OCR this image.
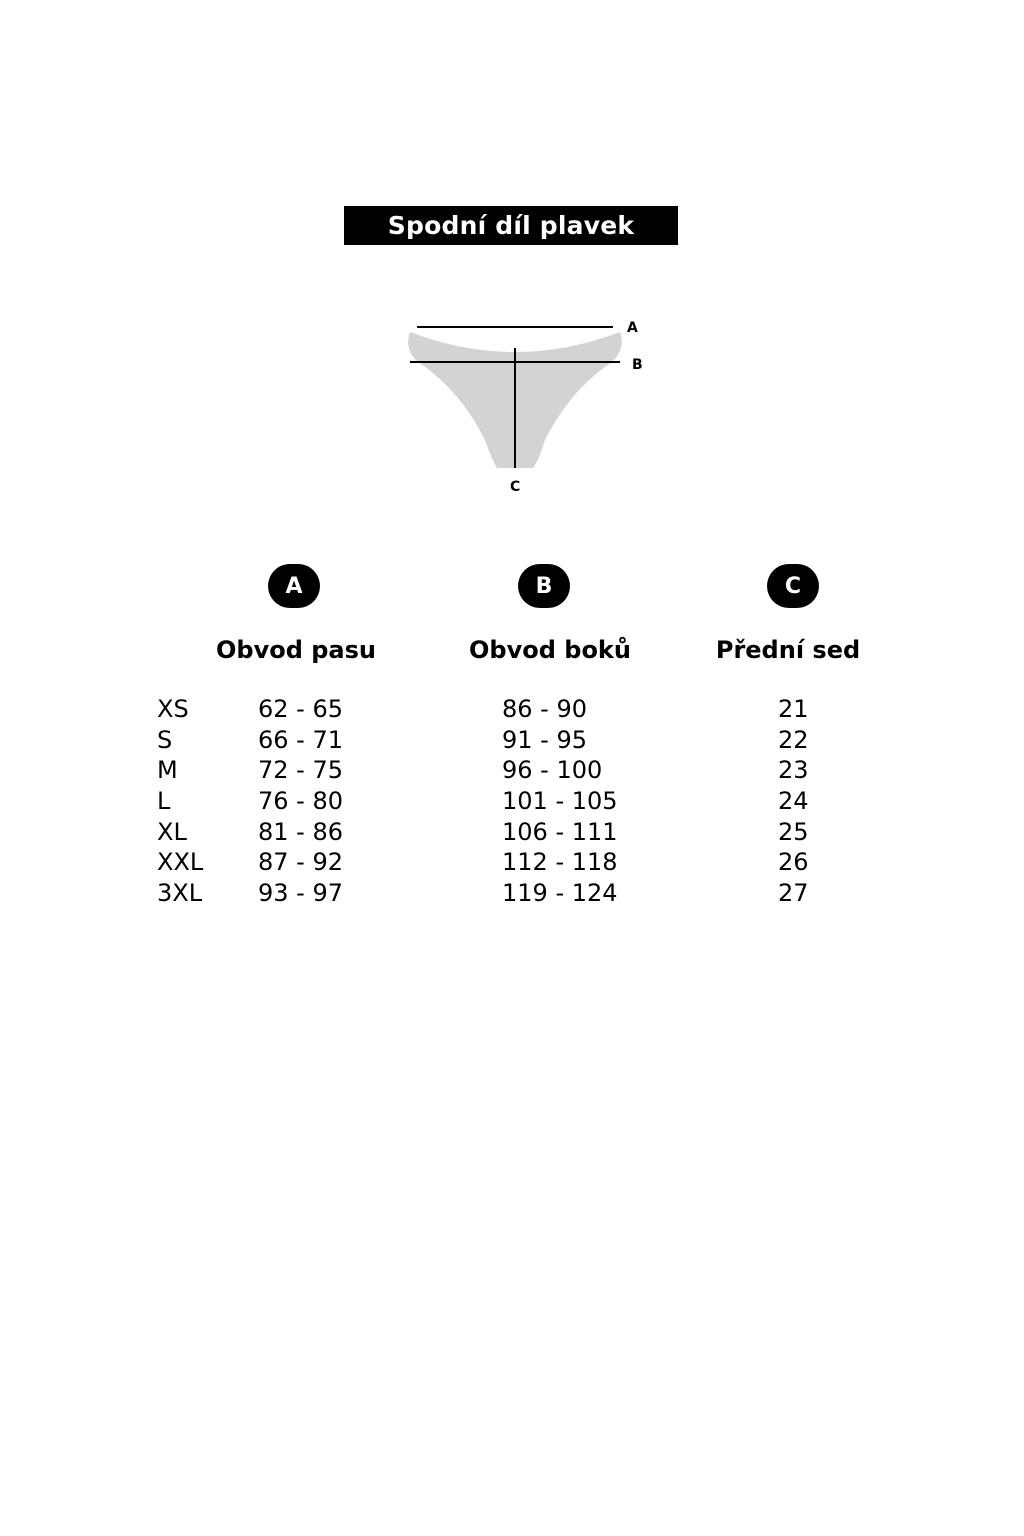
Spodní díl plavek
A
B
C
A	B	C
Obvod pasu	Obvod boků	Přední sed
XS	62 - 65	86 - 90	21
S	66 - 71	91 - 95	22
M	72 - 75	96 - 100	23
L	76 - 80	101 - 105	24
XL	81 - 86	106 - 111	25
XXL 87 - 92	112 - 118	26
3XL 93 - 97	119 - 124	27
